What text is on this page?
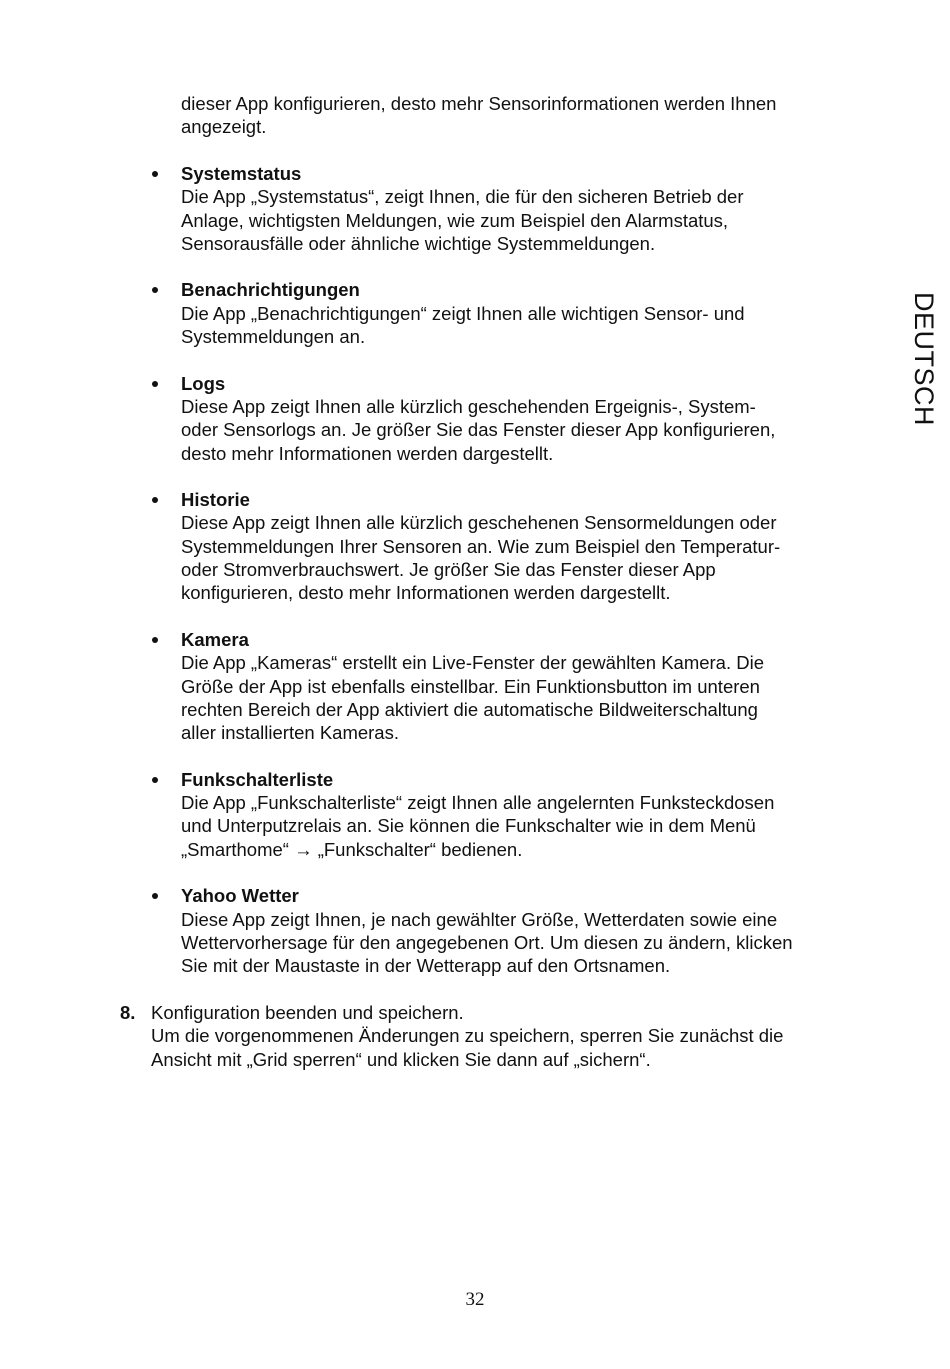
dieser App konfigurieren, desto mehr Sensorinformationen werden Ihnen
angezeigt.

Systemstatus

Die App „Systemstatus“, zeigt Ihnen, die für den sicheren Betrieb der
Anlage, wichtigsten Meldungen, wie zum Beispiel den Alarmstatus,
Sensorausfälle oder ähnliche wichtige Systemmeldungen.

Benachrichtigungen

Die App „Benachrichtigungen“ zeigt Ihnen alle wichtigen Sensor- und
Systemmeldungen an.

Logs

Diese App zeigt Ihnen alle kürzlich geschehenden Ergeignis-, System-
oder Sensorlogs an. Je größer Sie das Fenster dieser App konfigurieren,
desto mehr Informationen werden dargestellt.

Historie

Diese App zeigt Ihnen alle kürzlich geschehenen Sensormeldungen oder
Systemmeldungen Ihrer Sensoren an. Wie zum Beispiel den Temperatur-
oder Stromverbrauchswert. Je größer Sie das Fenster dieser App
konfigurieren, desto mehr Informationen werden dargestellt.

Kamera

Die App „Kameras“ erstellt ein Live-Fenster der gewählten Kamera. Die
Größe der App ist ebenfalls einstellbar. Ein Funktionsbutton im unteren
rechten Bereich der App aktiviert die automatische Bildweiterschaltung
aller installierten Kameras.

Funkschalterliste

Die App „Funkschalterliste“ zeigt Ihnen alle angelernten Funksteckdosen
und Unterputzrelais an. Sie können die Funkschalter wie in dem Menü
„Smarthome“ → „Funkschalter“ bedienen.

Yahoo Wetter

Diese App zeigt Ihnen, je nach gewählter Größe, Wetterdaten sowie eine
Wettervorhersage für den angegebenen Ort. Um diesen zu ändern, klicken
Sie mit der Maustaste in der Wetterapp auf den Ortsnamen.

8. Konfiguration beenden und speichern.
Um die vorgenommenen Änderungen zu speichern, sperren Sie zunächst die
Ansicht mit „Grid sperren“ und klicken Sie dann auf „sichern“.

DEUTSCH
32
